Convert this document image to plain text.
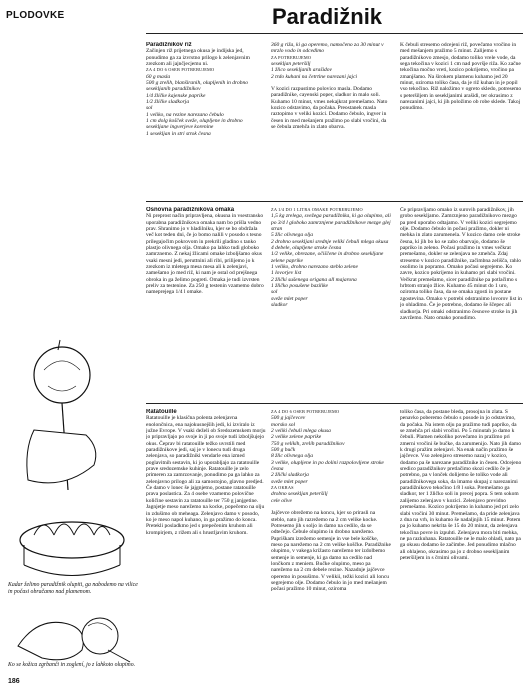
PLODOVKE	Paradižnik

Paradižnikov riž

Začinjen riž prijetnega okusa je indijska jed, ponudimo ga za izvrstno prilogo k zelenjavnim zrezkom ali jajnčjecjemu ni.

ZA 4 DO 6 OSEB POTREBUJEMO

60 g masla

500 g zrelih, blanširanih, olupljenih in drobno sesekljanih paradižnikov

1/4 žličke kajenske paprike

1/2 žličke sladkorja

sol

1 veliko, na rezine narezano čebulo

1 cm dolg košček sveže, olupljene in drobno sesekljane ingverjeve korenine

1 sesekljan in stri strok česna

360 g riža, ki ga operemo, namočeno za 30 minut v mrzlo vodo in odcedimo

ZA POTREBUJEMO

sesekljan peteršilj

1 žlico sesekljanih arašidov

2 trdo kuhani na četrtine narezani jajci

V kozici razpustimo polovico masla. Dodamo paradižnike, cayenski poper, sladkor in malo soli. Kuhamo 10 minut, vmes nekajkrat premešamo. Nato kozico odstavimo, da počaka. Preostanek masla raztopimo v veliki kozici. Dodamo čebulo, ingver in česen in med mešanjem pražimo po slabi vročini, da se čebula zmehča in zlato obarva.

K čebuli stresemo odcejeni riž, povečamo vročino in med mešanjem pražimo 5 minut. Zalijemo s paradižnikovo zmesjo, dodamo toliko vrele vode, da sega tekočina v kozici 1 cm nad površje riža. Ko začne tekočina močno vreti, kozico pokrijemo, vročino pa zmanjšamo. Na širokem plamenu kuhamo jed 20 minut, oziroma toliko časa, da je riž kuhan in je popil vso tekočino. Riž naložimo v ogreto skledo, potresemo s peteršiljem in sesekljanimi arašidi, ter okrasimo z narezanimi jajci, ki jih položimo ob robe sklede. Takoj ponudimo.

Osnovna paradižnikova omaka

Ni preprost način pripravljena, okusna in vsestransko uporabna paradižnikova omaka nam bo prišla vedno prav. Shranimo jo v hladilniku, kjer se bo obdržala več kot teden dni, če jo bomo nalili v posodo s tesno prilegajočim pokrovom in prekrili gladino s tanko plastjo olivnega olja. Omako pa lahko tudi globoko zamrznemo. Z nekaj žlicami omake izboljšamo okus vsaki mesni jedi, peruttnini ali ribi, prilijemo jo k zrezkom iz mletega mesa mesa ali k zelenjavi, zamešamo jo med riž, ki nam je ostal od prejšnega obroka in ga želimo pogreti. Omaka je tudi izvrsten preliv za testenine. Za 250 g testenin vzamemo dobro nameprejega 1/4 l omake.

ZA 1/4 DO 1 LITRA OMAKE POTREBUJEMO

1,5 kg zrelega, svežega paradižnika, ki ga olupimo, ali po 3/4 l globoko zamrznjene paradižnikove mezge glej stran

5 žlic olivnega olja

2 drobno sesekljani srednje veliki čebuli mlega okusa

4 debele, olupljene stroke česna

1/2 velike, obrezane, očiščene in drobno sesekljane zelene paprike

1 veliko, drobno narezano steblo zelene

1 lovorjev list

2 žlički sušenega origana all majarona

1 žličko posušene bazilike

sol

sveže mlet poper

sladkor

Če pripravljamo omako iz surovih paradižnikov, jih grobo sesekljamo. Zamrznjeno paradižnikovo mezgo pa pred uporabo odtajamo. V veliki kozici segrejemo olje. Dodamo čebulo in počasi pražimo, dokler ni mehka in zlato zarumenela. V kozico damo cele stroke česna, ki jih bo ko se zabo obarvajo, dodamo še papriko in zeleno. Počasi pražimo in vmes večkrat premešamo, dokler se zelenjava ne zmehča. Zdaj stresemo v kozico paradižnike, začimbna zelišča, rahlo osolimo in popramo. Omako počasi segrejemo. Ko zavre, kozico pokrijemo in kuhamo pri slabi vročini. Večkrat premešamo, sicer paradižnike pa potlačimo s hrbtom stranjo žlice. Kuhamo 45 minut do 1 uro, oziroma toliko časa, da se omaka zgosti in postane zgostevina. Omako v potrebi odstranimo lovorov list in jo ohladimo. Če je potrebno, dodamo še ščepec ali sladkorja. Pri omaki odstranimo česnove stroke in jih zavržemo. Nato omako ponudimo.

Kadar želimo paradižnik olupiti, ga nabodemo na vilice in počasi obračamo nad plamenom.
Ko se kožica zgrbanči in zoglení, jo z lahkoto olupimo.

Ratatouille

Ratatouille je klasična polenta zelenjavna enolončnica, ena najokusnejših jedi, ki izviralo iz južne Evrope. V vsaki deželi ob Sredozemskem morju jo pripravljajo po svoje in ji po svoje tudi izboljšujejo okus. Čeprav bi ratatouille težko uvrstili med paradižnikove jedi, saj je v lonecu tudi druga zelenjava, so paradižniki vendarle ena izmed poglavitnih sestavin, ki jo uporabljajo za ratatouille prave sredozemske kuhinje. Ratatouille je zelo primeren za zamrzovanje, ponudimo pa ga lahko za zelenjavno prilogo ali za samostojno, glavno predjed. Če damo v lonec še jajgnjetno, postane ratatouille prava poslastica. Za 4 osebe vzamemo polovične količine sestavin za ratatouille ter 750 g janjgetine. Jagnjetje meso narežemo na kocke, popečemo na olju in zdušimo ob meheaga. Zelenjavo damo v posodo, ko je meso napol kuhano, in ga pražimo do konca. Pretekli posladkmo jed s prepečenim kruhom ali krompirjem, z rižem ali s hrustljavim kruhom.

ZA 4 DO 6 OSEB POTREBUJEMO

500 g jajčevcev

morsko sol

2 veliki čebuli mlega okusa

2 velike zelene paprike

750 g velikih, zrelih paradižnikov

500 g bučk

8 žlic olivnega olja

3 velike, olupljene in po dolini razpolovljene stroke česna

2 žlički sladkorja

sveže mlet poper

ZA OKRAS

drobno sesekljan peteršilj

cele olive

Jajčevce obrežemo na koncu, kjer so prirasli na steblo, nato jih razrežemo na 2 cm velike kocke. Potresemo jih s soljo in damo na cedilo, da se odtečejo. Čebule olupimo in drobno narežemo. Papriškam izrežemo semenje in vse bele koščke, meso pa narežemo na 2 cm velike koščke. Paradižnike olupimo, v vakega križasto narežemo ter izdolbemo semenje in semenje, ki ga damo na cedilo nad lončkom z meniem. Bučke olupimo, meso pa narežemo na 2 cm debele rezine. Nazadnje jajčevce operemo in posušimo. V velikii, težki kozici ali loncu segrejemo olje. Dodamo čebulo in jo med mešanjem počasi pražimo 10 minut, oziroma

toliko časa, da postane bleda, prosojna in zlata. S penavko poberemo čebulo s posode in jo odstavimo, da počaka. Na istem olju pa pražimo tudi papriko, da se zmehča pri slabi vročini. Po 5 minutah jo damo k čebuli. Plamen nekoliko povečamo in pražimo pri zmerni vročini še bučke, da zarumenijo. Nato jih damo k drugi pražim zelenjavi. Na enak način pražimo še jajčevce. Vso zelenjavo stresemo nazaj v kozico, dodamo pa še narezane paradižnike in česen. Odcejeno sredico paradižnikov pretlačimo skozi cedilo če je potrebno, pa v lonček dolijemo še toliko vode ali paradižnikovega soka, da imamo skupaj z narezanimi paradižnikovo tekočino 1/8 l soka. Premešamo ga sladkor, ter 1 žličko soli in precej popra. S tem sokom zalijemo zelenjavo v kozici. Zelenjavo previdno premešamo. Kozico pokrijemo in kuhamo jed pri zelo slabi vročini 30 minut. Premešamo, da pride zelenjava z dna na vrh, in kuhamo še nadaljnjih 15 minut. Potem pa jo kuhamo nekrita še 15 do 20 minut, da zelenjava tekočina povre in izpuhti. Zelenjava mora biti mehka, ne pa razkuhana. Ratatouille ne le malo ohladi, nato pa ga okusu dodamo še začimbe. Jed ponudimo mlačno ali ohlajeno, okrasimo pa jo z drobno sesekljanim peteršiljem in s črnimi olivami.

186
